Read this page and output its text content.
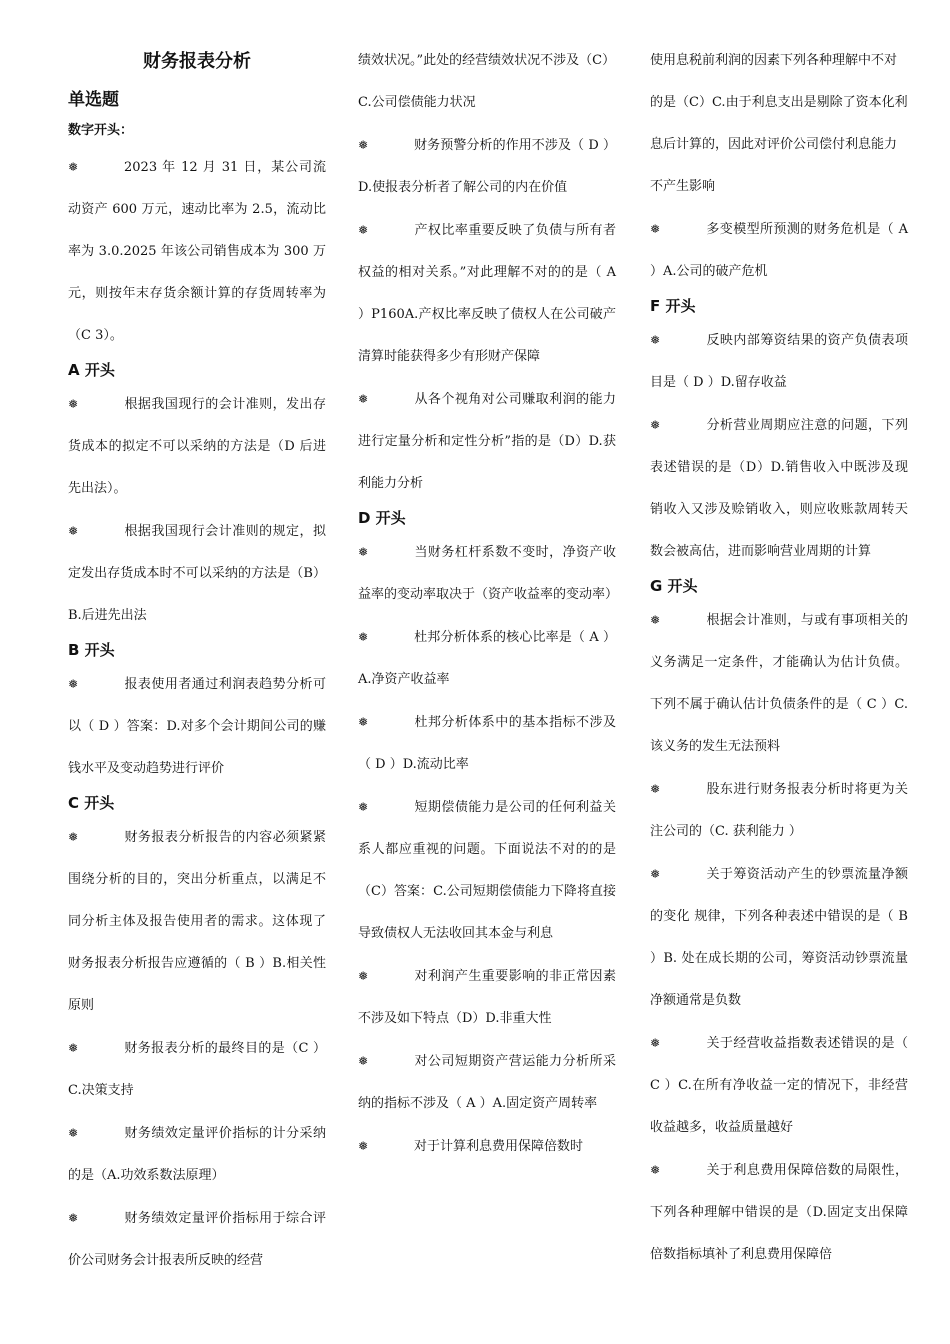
财务报表分析
单选题
数字开头：

❅	2023 年 12 月 31 日，某公司流动资产 600 万元，速动比率为 2.5，流动比率为 3.0.2025 年该公司销售成本为 300 万元，则按年末存货余额计算的存货周转率为（C 3）。

A 开头

❅	根据我国现行的会计准则，发出存货成本的拟定不可以采纳的方法是（D 后进先出法）。

❅	根据我国现行会计准则的规定，拟定发出存货成本时不可以采纳的方法是（B） B.后进先出法

B 开头

❅	报表使用者通过利润表趋势分析可以（ D ）答案：D.对多个会计期间公司的赚钱水平及变动趋势进行评价

C 开头

❅	财务报表分析报告的内容必须紧紧围绕分析的目的，突出分析重点，以满足不同分析主体及报告使用者的需求。这体现了财务报表分析报告应遵循的（ B ）B.相关性原则

❅	财务报表分析的最终目的是（C ）C.决策支持

❅	财务绩效定量评价指标的计分采纳的是（A.功效系数法原理）

❅	财务绩效定量评价指标用于综合评价公司财务会计报表所反映的经营

绩效状况。”此处的经营绩效状况不涉及（C）C.公司偿债能力状况

❅	财务预警分析的作用不涉及（ D ）D.使报表分析者了解公司的内在价值

❅	产权比率重要反映了负债与所有者权益的相对关系。”对此理解不对的的是（ A ）P160A.产权比率反映了债权人在公司破产清算时能获得多少有形财产保障

❅	从各个视角对公司赚取利润的能力进行定量分析和定性分析”指的是（D）D.获利能力分析

D 开头

❅	当财务杠杆系数不变时，净资产收益率的变动率取决于（资产收益率的变动率）

❅	杜邦分析体系的核心比率是（ A ）A.净资产收益率

❅	杜邦分析体系中的基本指标不涉及（ D ）D.流动比率

❅	短期偿债能力是公司的任何利益关系人都应重视的问题。下面说法不对的的是（C）答案：C.公司短期偿债能力下降将直接导致债权人无法收回其本金与利息

❅	对利润产生重要影响的非正常因素不涉及如下特点（D）D.非重大性

❅	对公司短期资产营运能力分析所采纳的指标不涉及（ A ）A.固定资产周转率

❅	对于计算利息费用保障倍数时

使用息税前利润的因素下列各种理解中不对的是（C）C.由于利息支出是剔除了资本化利息后计算的，因此对评价公司偿付利息能力不产生影响

❅	多变模型所预测的财务危机是（ A ）A.公司的破产危机

F 开头

❅	反映内部筹资结果的资产负债表项目是（ D ）D.留存收益

❅	分析营业周期应注意的问题，下列表述错误的是（D）D.销售收入中既涉及现销收入又涉及赊销收入，则应收账款周转天数会被高估，进而影响营业周期的计算

G 开头

❅	根据会计准则，与或有事项相关的义务满足一定条件，才能确认为估计负债。下列不属于确认估计负债条件的是（ C ）C.该义务的发生无法预料

❅	股东进行财务报表分析时将更为关注公司的（C. 获利能力 ）

❅	关于筹资活动产生的钞票流量净额的变化 规律，下列各种表述中错误的是（ B ）B. 处在成长期的公司，筹资活动钞票流量净额通常是负数

❅	关于经营收益指数表述错误的是（ C ）C.在所有净收益一定的情况下，非经营收益越多，收益质量越好

❅	关于利息费用保障倍数的局限性，下列各种理解中错误的是（D.固定支出保障倍数指标填补了利息费用保障倍
